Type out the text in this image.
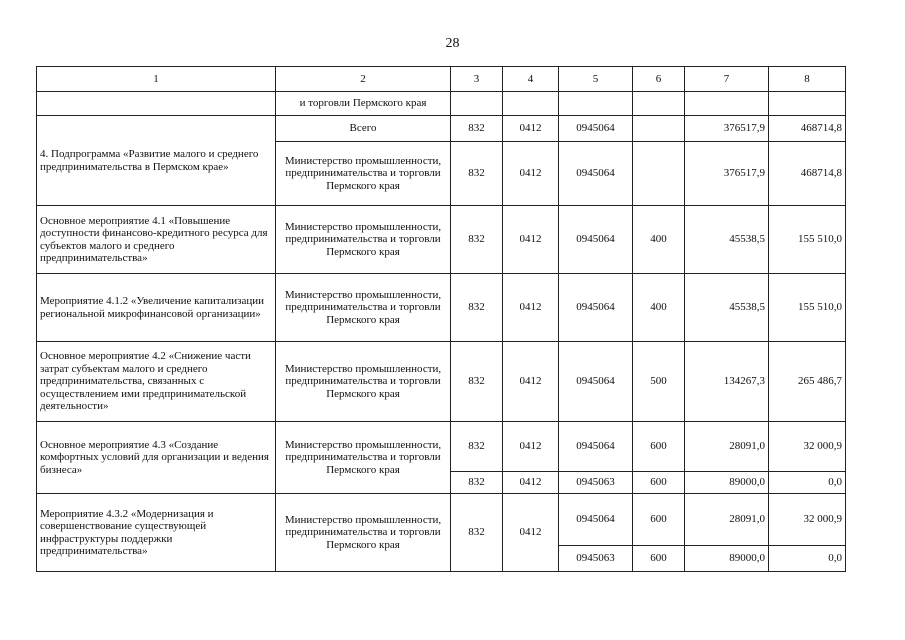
28
1	2	3	4	5	6	7	8
	и торговли Пермского края						
4. Подпрограмма «Развитие малого и среднего предпринимательства в Пермском крае»	Всего	832	0412	0945064		376517,9	468714,8
	Министерство промышленности, предпринимательства и торговли Пермского края	832	0412	0945064		376517,9	468714,8
Основное мероприятие 4.1 «Повышение доступности финансово-кредитного ресурса для субъектов малого и среднего предпринимательства»	Министерство промышленности, предпринимательства и торговли Пермского края	832	0412	0945064	400	45538,5	155 510,0
Мероприятие 4.1.2 «Увеличение капитализации региональной микрофинансовой организации»	Министерство промышленности, предпринимательства и торговли Пермского края	832	0412	0945064	400	45538,5	155 510,0
Основное мероприятие 4.2 «Снижение части затрат субъектам малого и среднего предпринимательства, связанных с осуществлением ими предпринимательской деятельности»	Министерство промышленности, предпринимательства и торговли Пермского края	832	0412	0945064	500	134267,3	265 486,7
Основное мероприятие 4.3 «Создание комфортных условий для организации и ведения бизнеса»	Министерство промышленности, предпринимательства и торговли Пермского края	832	0412	0945064	600	28091,0	32 000,9
		832	0412	0945063	600	89000,0	0,0
Мероприятие 4.3.2 «Модернизация и совершенствование существующей инфраструктуры поддержки предпринимательства»	Министерство промышленности, предпринимательства и торговли Пермского края	832	0412	0945064	600	28091,0	32 000,9
				0945063	600	89000,0	0,0
